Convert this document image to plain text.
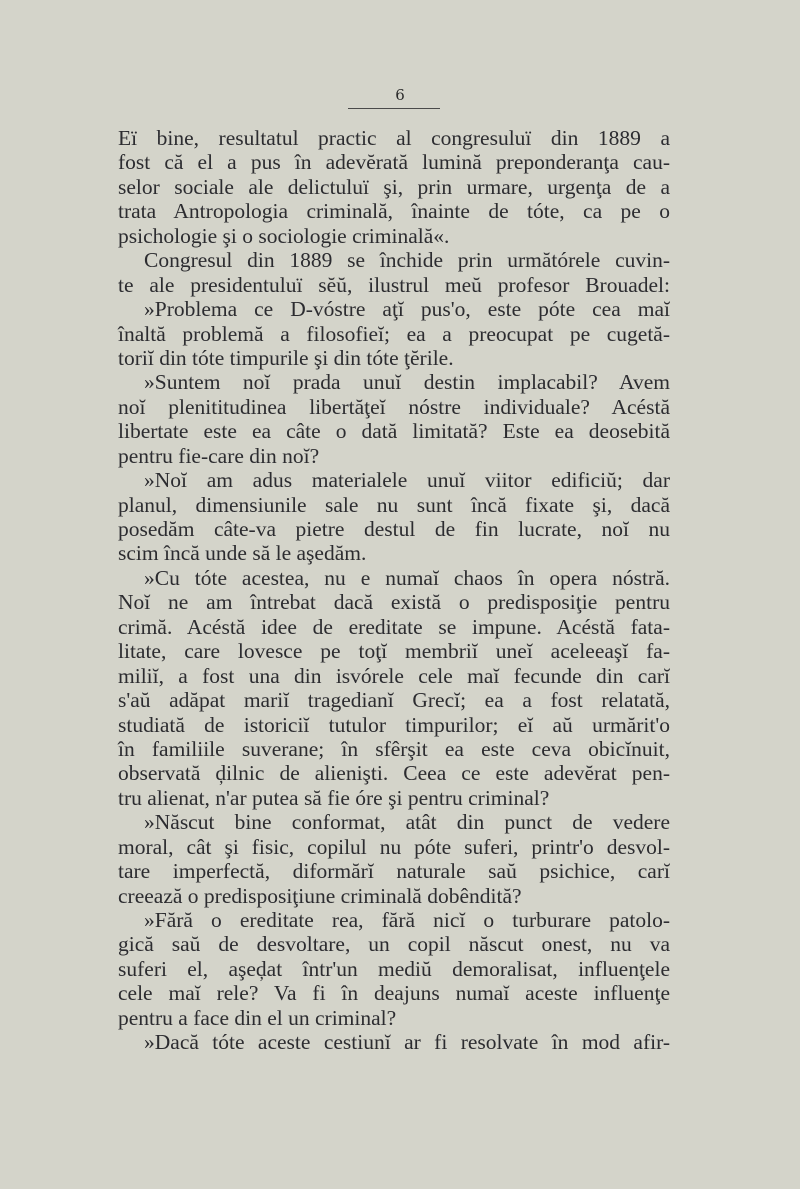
6
Eï bine, resultatul practic al congresuluï din 1889 a
fost că el a pus în adevĕrată lumină preponderanţa cau-
selor sociale ale delictuluï şi, prin urmare, urgenţa de a
trata Antropologia criminală, înainte de tóte, ca pe o
psichologie şi o sociologie criminală«.
Congresul din 1889 se închide prin următórele cuvin-
te ale presidentuluï sĕŭ, ilustrul meŭ profesor Brouadel:
»Problema ce D-vóstre aţĭ pus'o, este póte cea maĭ
înaltă problemă a filosofieĭ; ea a preocupat pe cugetă-
toriĭ din tóte timpurile şi din tóte ţĕrile.
»Suntem noĭ prada unuĭ destin implacabil? Avem
noĭ plenititudinea libertăţeĭ nóstre individuale? Acéstă
libertate este ea câte o dată limitată? Este ea deosebită
pentru fie-care din noĭ?
»Noĭ am adus materialele unuĭ viitor edificiŭ; dar
planul, dimensiunile sale nu sunt încă fixate şi, dacă
posedăm câte-va pietre destul de fin lucrate, noĭ nu
scim încă unde să le aşedăm.
»Cu tóte acestea, nu e numaĭ chaos în opera nóstră.
Noĭ ne am întrebat dacă există o predisposiţie pentru
crimă. Acéstă idee de ereditate se impune. Acéstă fata-
litate, care lovesce pe toţĭ membriĭ uneĭ aceleeaşĭ fa-
miliĭ, a fost una din isvórele cele maĭ fecunde din carĭ
s'aŭ adăpat mariĭ tragedianĭ Grecĭ; ea a fost relatată,
studiată de istoriciĭ tutulor timpurilor; eĭ aŭ urmărit'o
în familiile suverane; în sfêrşit ea este ceva obicĭnuit,
observată ḑilnic de alienişti. Ceea ce este adevĕrat pen-
tru alienat, n'ar putea să fie óre şi pentru criminal?
»Născut bine conformat, atât din punct de vedere
moral, cât şi fisic, copilul nu póte suferi, printr'o desvol-
tare imperfectă, diformărĭ naturale saŭ psichice, carĭ
creează o predisposiţiune criminală dobêndită?
»Fără o ereditate rea, fără nicĭ o turburare patolo-
gică saŭ de desvoltare, un copil născut onest, nu va
suferi el, aşeḑat într'un mediŭ demoralisat, influenţele
cele maĭ rele? Va fi în deajuns numaĭ aceste influenţe
pentru a face din el un criminal?
»Dacă tóte aceste cestiunĭ ar fi resolvate în mod afir-
